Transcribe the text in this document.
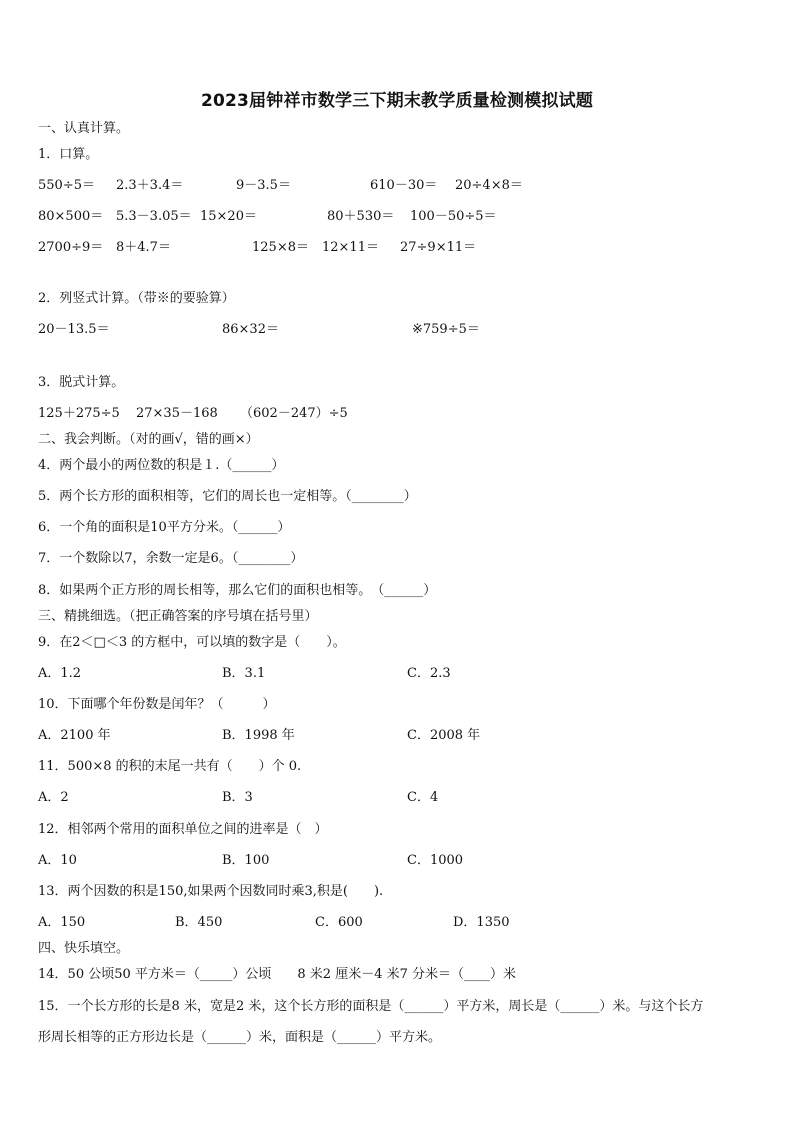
2023届钟祥市数学三下期末教学质量检测模拟试题
一、认真计算。
1．口算。
550÷5＝ 2.3＋3.4＝	9－3.5＝	610－30＝ 20÷4×8＝
80×500＝ 5.3－3.05＝ 15×20＝	80＋530＝ 100－50÷5＝
2700÷9＝ 8＋4.7＝	125×8＝ 12×11＝ 27÷9×11＝
2．列竖式计算。（带※的要验算）
20－13.5＝	86×32＝	※759÷5＝
3．脱式计算。
125＋275÷5 27×35－168 （602－247）÷5
二、我会判断。（对的画√，错的画×）
4．两个最小的两位数的积是１.（______）
5．两个长方形的面积相等，它们的周长也一定相等。（________）
6．一个角的面积是10平方分米。（______）
7．一个数除以7，余数一定是6。（________）
8．如果两个正方形的周长相等，那么它们的面积也相等。　（______）
三、精挑细选。（把正确答案的序号填在括号里）
9．在2＜□＜3 的方框中，可以填的数字是（　　）。
A．1.2	B．3.1	C．2.3
10．下面哪个年份数是闰年？（　　　）
A．2100 年	B．1998 年	C．2008 年
11．500×8 的积的末尾一共有（　　）个 0.
A．2	B．3	C．4
12．相邻两个常用的面积单位之间的进率是（　）
A．10	B．100	C．1000
13．两个因数的积是150,如果两个因数同时乘3,积是(　　).
A．150	B．450	C．600	D．1350
四、快乐填空。
14．50 公顷50 平方米＝（_____）公顷　　8 米2 厘米－4 米7 分米＝（____）米
15．一个长方形的长是8 米，宽是2 米，这个长方形的面积是（______）平方米，周长是（______）米。与这个长方
形周长相等的正方形边长是（______）米，面积是（______）平方米。
